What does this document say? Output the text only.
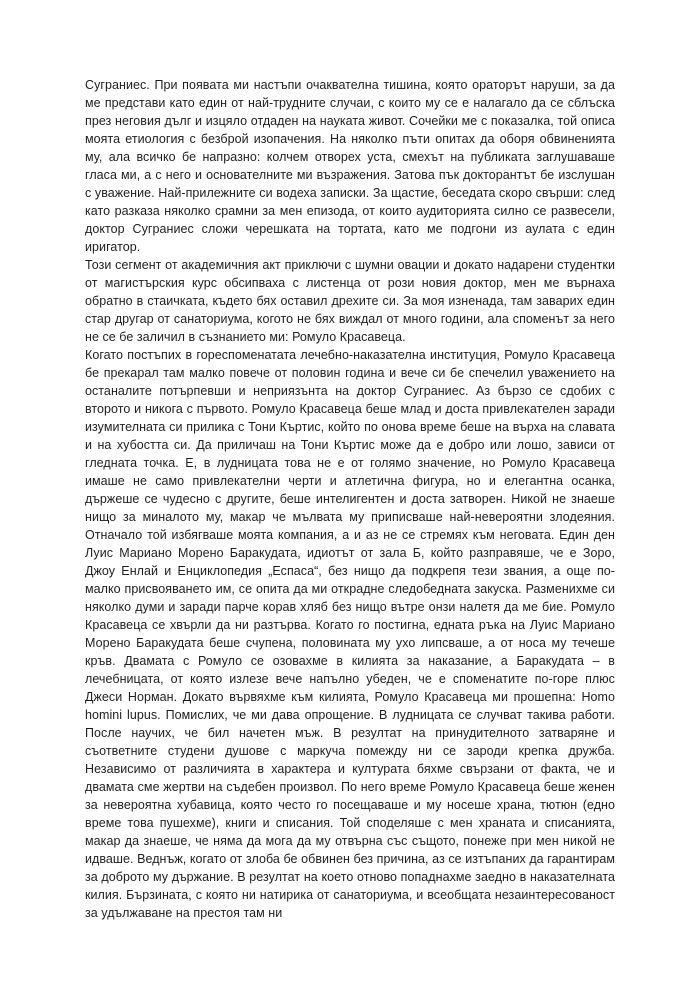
Суграниес. При появата ми настъпи очаквателна тишина, която ораторът наруши, за да ме представи като един от най-трудните случаи, с които му се е налагало да се сблъска през неговия дълг и изцяло отдаден на науката живот. Сочейки ме с показалка, той описа моята етиология с безброй изопачения. На няколко пъти опитах да оборя обвиненията му, ала всичко бе напразно: колчем отворех уста, смехът на публиката заглушаваше гласа ми, а с него и основателните ми възражения. Затова пък докторантът бе изслушан с уважение. Най-прилежните си водеха записки. За щастие, беседата скоро свърши: след като разказа няколко срамни за мен епизода, от които аудиторията силно се развесели, доктор Суграниес сложи черешката на тортата, като ме подгони из аулата с един иригатор.

Този сегмент от академичния акт приключи с шумни овации и докато надарени студентки от магистърския курс обсипваха с листенца от рози новия доктор, мен ме върнаха обратно в стаичката, където бях оставил дрехите си. За моя изненада, там заварих един стар другар от санаториума, когото не бях виждал от много години, ала споменът за него не се бе заличил в съзнанието ми: Ромуло Красавеца.

Когато постъпих в гореспоменатата лечебно-наказателна институция, Ромуло Красавеца бе прекарал там малко повече от половин година и вече си бе спечелил уважението на останалите потърпевши и неприязънта на доктор Суграниес. Аз бързо се сдобих с второто и никога с първото. Ромуло Красавеца беше млад и доста привлекателен заради изумителната си прилика с Тони Къртис, който по онова време беше на върха на славата и на хубостта си. Да приличаш на Тони Къртис може да е добро или лошо, зависи от гледната точка. Е, в лудницата това не е от голямо значение, но Ромуло Красавеца имаше не само привлекателни черти и атлетична фигура, но и елегантна осанка, държеше се чудесно с другите, беше интелигентен и доста затворен. Никой не знаеше нищо за миналото му, макар че мълвата му приписваше най-невероятни злодеяния. Отначало той избягваше моята компания, а и аз не се стремях към неговата. Един ден Луис Мариано Морено Баракудата, идиотът от зала Б, който разправяше, че е Зоро, Джоу Енлай и Енциклопедия „Еспаса“, без нищо да подкрепя тези звания, а още по-малко присвояването им, се опита да ми открадне следобедната закуска. Разменихме си няколко думи и заради парче корав хляб без нищо вътре онзи налетя да ме бие. Ромуло Красавеца се хвърли да ни разтърва. Когато го постигна, едната ръка на Луис Мариано Морено Баракудата беше счупена, половината му ухо липсваше, а от носа му течеше кръв. Двамата с Ромуло се озовахме в килията за наказание, а Баракудата – в лечебницата, от която излезе вече напълно убеден, че е споменатите по-горе плюс Джеси Норман. Докато вървяхме към килията, Ромуло Красавеца ми прошепна: Homo homini lupus. Помислих, че ми дава опрощение. В лудницата се случват такива работи. После научих, че бил начетен мъж. В резултат на принудителното затваряне и съответните студени душове с маркуча помежду ни се зароди крепка дружба. Независимо от различията в характера и културата бяхме свързани от факта, че и двамата сме жертви на съдебен произвол. По него време Ромуло Красавеца беше женен за невероятна хубавица, която често го посещаваше и му носеше храна, тютюн (едно време това пушехме), книги и списания. Той споделяше с мен храната и списанията, макар да знаеше, че няма да мога да му отвърна със същото, понеже при мен никой не идваше. Веднъж, когато от злоба бе обвинен без причина, аз се изтъпаних да гарантирам за доброто му държание. В резултат на което отново попаднахме заедно в наказателната килия. Бързината, с която ни натирика от санаториума, и всеобщата незаинтересованост за удължаване на престоя там ни
